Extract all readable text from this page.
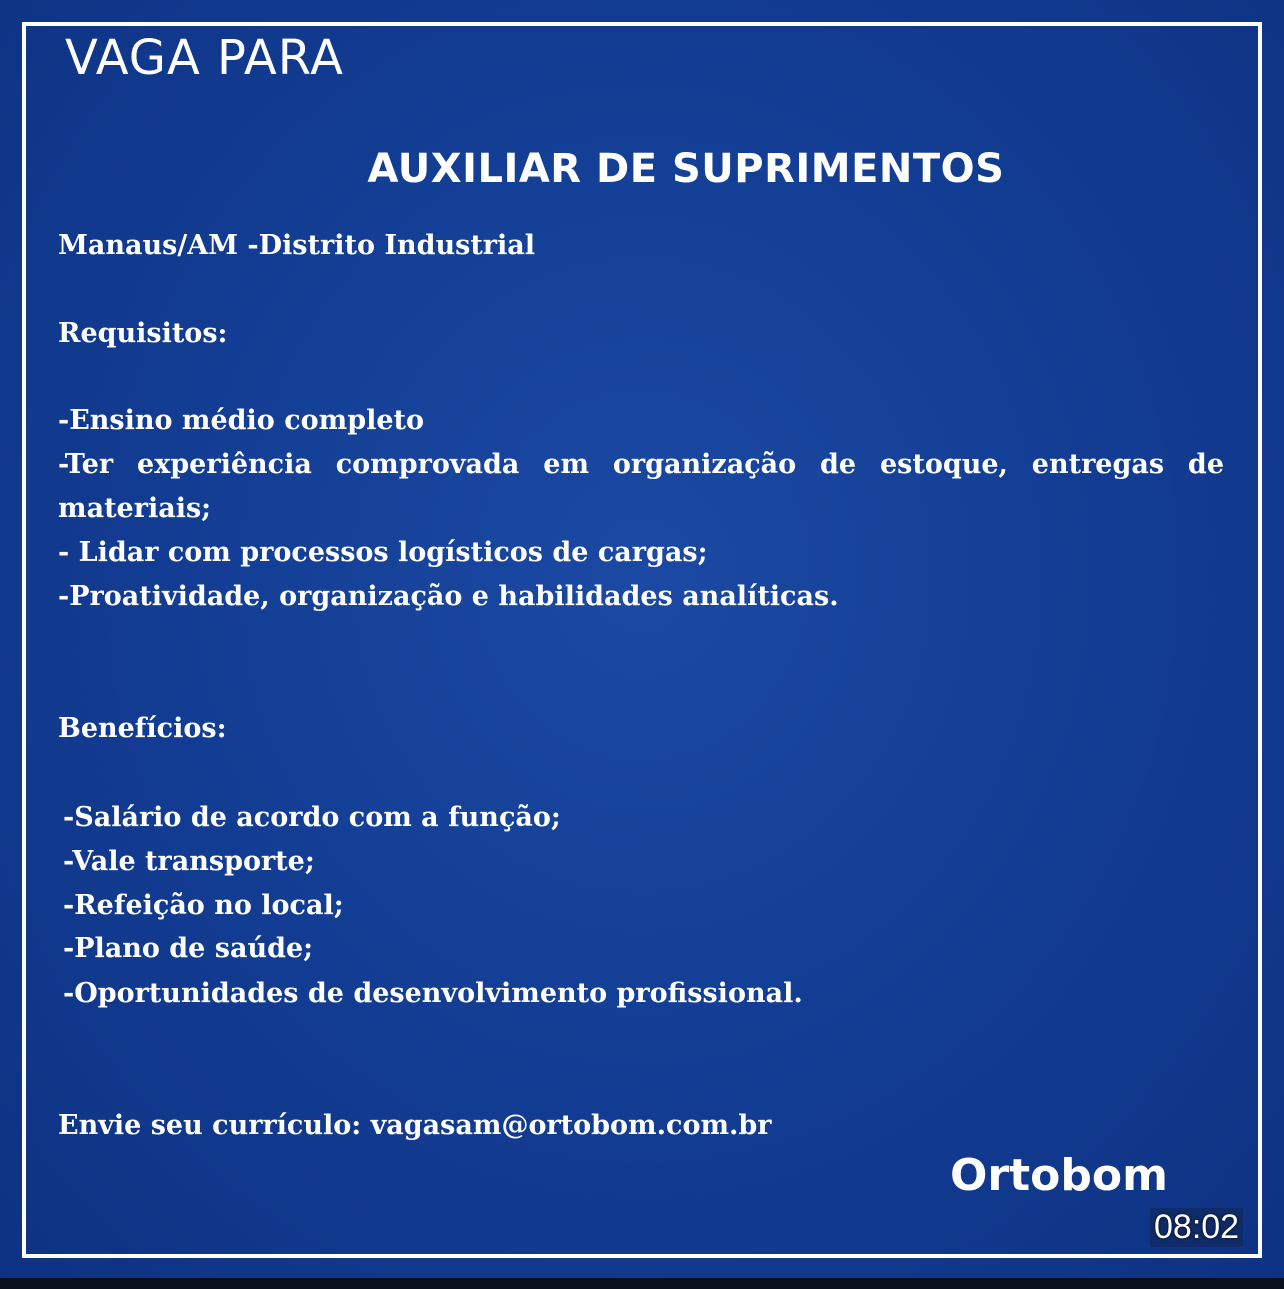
VAGA PARA
AUXILIAR DE SUPRIMENTOS

Manaus/AM -Distrito Industrial

Requisitos:

-Ensino médio completo

-Ter experiência comprovada em organização de estoque, entregas de materiais;

- Lidar com processos logísticos de cargas;

-Proatividade, organização e habilidades analíticas.

Benefícios:

-Salário de acordo com a função;

-Vale transporte;

-Refeição no local;

-Plano de saúde;

-Oportunidades de desenvolvimento profissional.

Envie seu currículo: vagasam@ortobom.com.br

Ortobom
08:02
